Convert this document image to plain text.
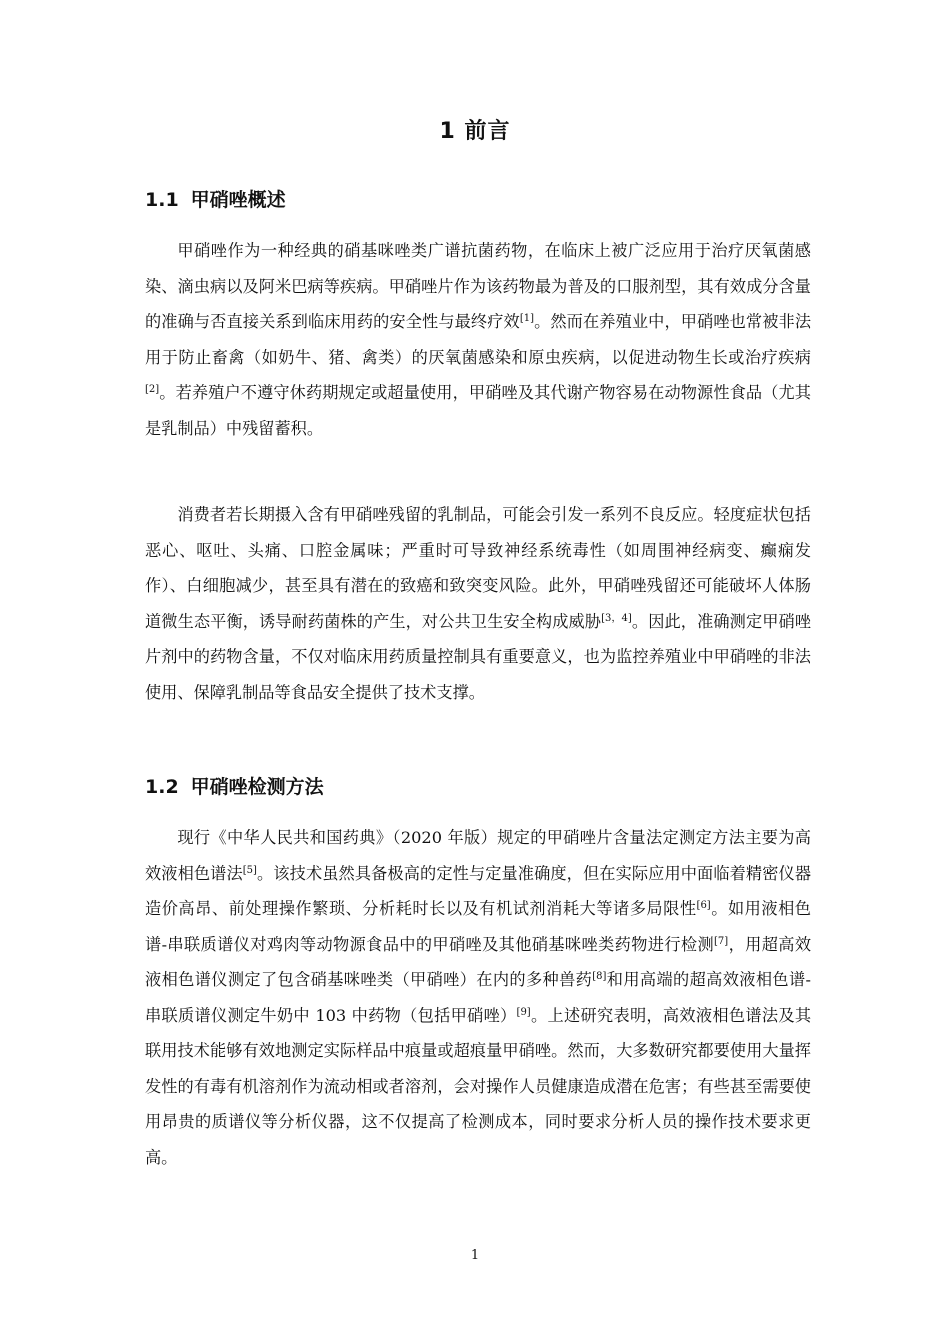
1 前言
1.1 甲硝唑概述

甲硝唑作为一种经典的硝基咪唑类广谱抗菌药物，在临床上被广泛应用于治疗厌氧菌感染、滴虫病以及阿米巴病等疾病。甲硝唑片作为该药物最为普及的口服剂型，其有效成分含量的准确与否直接关系到临床用药的安全性与最终疗效[1]。然而在养殖业中，甲硝唑也常被非法用于防止畜禽（如奶牛、猪、禽类）的厌氧菌感染和原虫疾病，以促进动物生长或治疗疾病[2]。若养殖户不遵守休药期规定或超量使用，甲硝唑及其代谢产物容易在动物源性食品（尤其是乳制品）中残留蓄积。

消费者若长期摄入含有甲硝唑残留的乳制品，可能会引发一系列不良反应。轻度症状包括恶心、呕吐、头痛、口腔金属味；严重时可导致神经系统毒性（如周围神经病变、癫痫发作）、白细胞减少，甚至具有潜在的致癌和致突变风险。此外，甲硝唑残留还可能破坏人体肠道微生态平衡，诱导耐药菌株的产生，对公共卫生安全构成威胁[3，4]。因此，准确测定甲硝唑片剂中的药物含量，不仅对临床用药质量控制具有重要意义，也为监控养殖业中甲硝唑的非法使用、保障乳制品等食品安全提供了技术支撑。

1.2 甲硝唑检测方法

现行《中华人民共和国药典》（2020 年版）规定的甲硝唑片含量法定测定方法主要为高效液相色谱法[5]。该技术虽然具备极高的定性与定量准确度，但在实际应用中面临着精密仪器造价高昂、前处理操作繁琐、分析耗时长以及有机试剂消耗大等诸多局限性[6]。如用液相色谱-串联质谱仪对鸡肉等动物源食品中的甲硝唑及其他硝基咪唑类药物进行检测[7]，用超高效液相色谱仪测定了包含硝基咪唑类（甲硝唑）在内的多种兽药[8]和用高端的超高效液相色谱-串联质谱仪测定牛奶中 103 中药物（包括甲硝唑）[9]。上述研究表明，高效液相色谱法及其联用技术能够有效地测定实际样品中痕量或超痕量甲硝唑。然而，大多数研究都要使用大量挥发性的有毒有机溶剂作为流动相或者溶剂，会对操作人员健康造成潜在危害；有些甚至需要使用昂贵的质谱仪等分析仪器，这不仅提高了检测成本，同时要求分析人员的操作技术要求更高。

1
